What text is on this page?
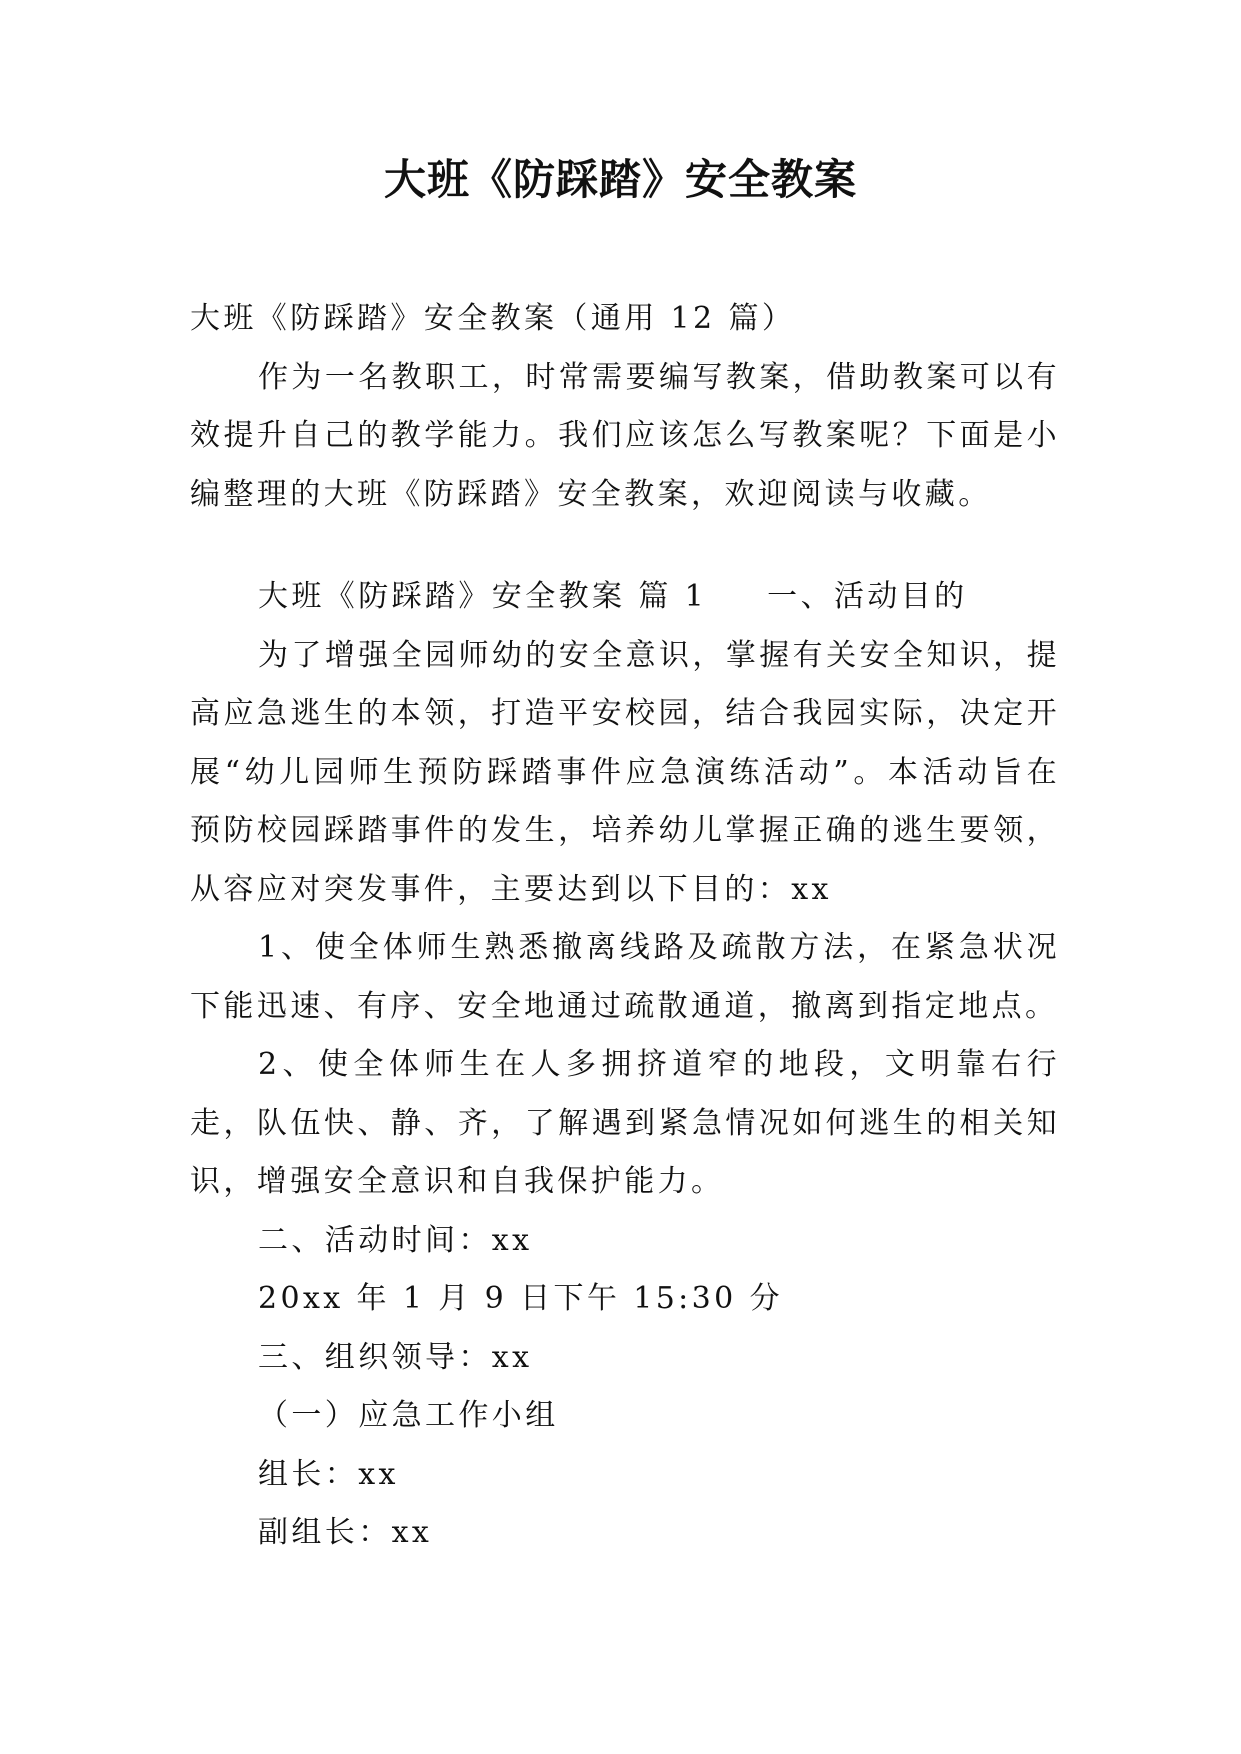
大班《防踩踏》安全教案

大班《防踩踏》安全教案（通用 12 篇）

作为一名教职工，时常需要编写教案，借助教案可以有效提升自己的教学能力。我们应该怎么写教案呢？下面是小编整理的大班《防踩踏》安全教案，欢迎阅读与收藏。

大班《防踩踏》安全教案 篇 1 一、活动目的

为了增强全园师幼的安全意识，掌握有关安全知识，提高应急逃生的本领，打造平安校园，结合我园实际，决定开展“幼儿园师生预防踩踏事件应急演练活动”。本活动旨在预防校园踩踏事件的发生，培养幼儿掌握正确的逃生要领，从容应对突发事件，主要达到以下目的：xx

1、使全体师生熟悉撤离线路及疏散方法，在紧急状况下能迅速、有序、安全地通过疏散通道，撤离到指定地点。

2、使全体师生在人多拥挤道窄的地段，文明靠右行走，队伍快、静、齐，了解遇到紧急情况如何逃生的相关知识，增强安全意识和自我保护能力。

二、活动时间：xx

20xx 年 1 月 9 日下午 15:30 分

三、组织领导：xx

（一）应急工作小组

组长：xx

副组长：xx
